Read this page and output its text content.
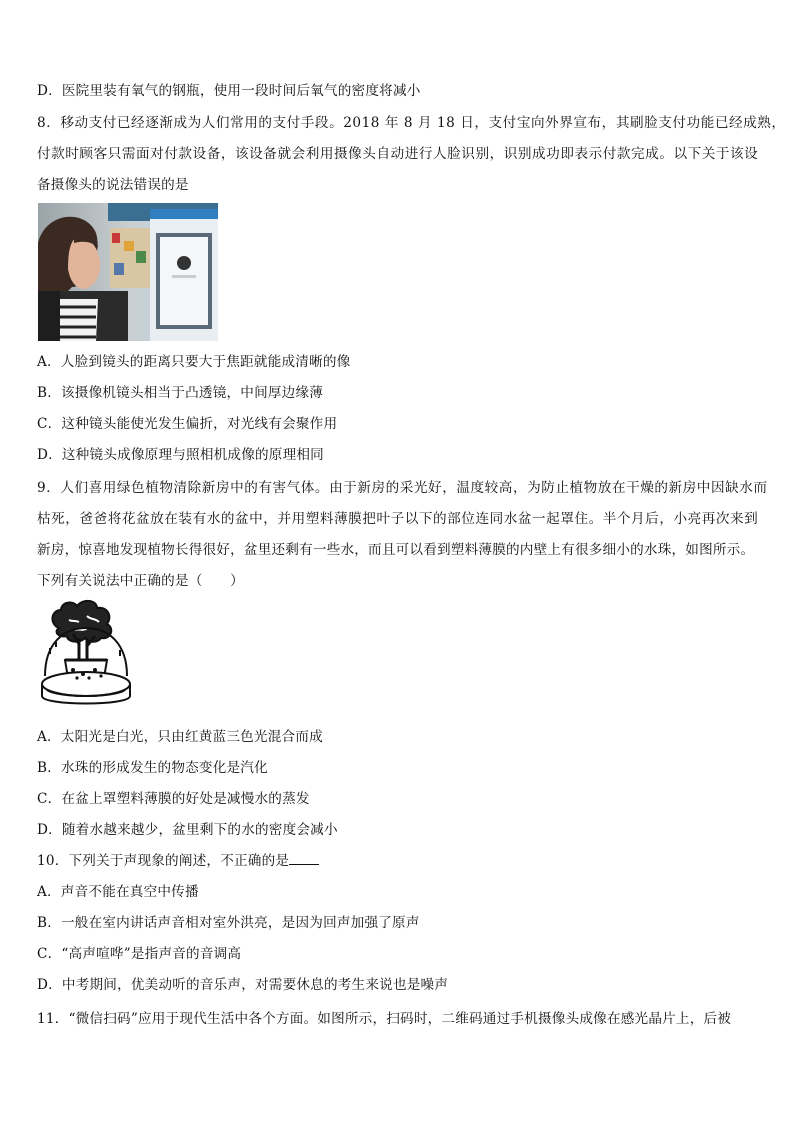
D．医院里装有氧气的钢瓶，使用一段时间后氧气的密度将减小
8．移动支付已经逐渐成为人们常用的支付手段。2018 年 8 月 18 日，支付宝向外界宣布，其刷脸支付功能已经成熟，
付款时顾客只需面对付款设备，该设备就会利用摄像头自动进行人脸识别，识别成功即表示付款完成。以下关于该设
备摄像头的说法错误的是
A．人脸到镜头的距离只要大于焦距就能成清晰的像
B．该摄像机镜头相当于凸透镜，中间厚边缘薄
C．这种镜头能使光发生偏折，对光线有会聚作用
D．这种镜头成像原理与照相机成像的原理相同
9．人们喜用绿色植物清除新房中的有害气体。由于新房的采光好，温度较高，为防止植物放在干燥的新房中因缺水而
枯死，爸爸将花盆放在装有水的盆中，并用塑料薄膜把叶子以下的部位连同水盆一起罩住。半个月后，小亮再次来到
新房，惊喜地发现植物长得很好，盆里还剩有一些水，而且可以看到塑料薄膜的内壁上有很多细小的水珠，如图所示。
下列有关说法中正确的是（　　）
A．太阳光是白光，只由红黄蓝三色光混合而成
B．水珠的形成发生的物态变化是汽化
C．在盆上罩塑料薄膜的好处是减慢水的蒸发
D．随着水越来越少，盆里剩下的水的密度会减小
10．下列关于声现象的阐述，不正确的是
A．声音不能在真空中传播
B．一般在室内讲话声音相对室外洪亮，是因为回声加强了原声
C．“高声喧哗”是指声音的音调高
D．中考期间，优美动听的音乐声，对需要休息的考生来说也是噪声
11．“微信扫码”应用于现代生活中各个方面。如图所示，扫码时，二维码通过手机摄像头成像在感光晶片上，后被
